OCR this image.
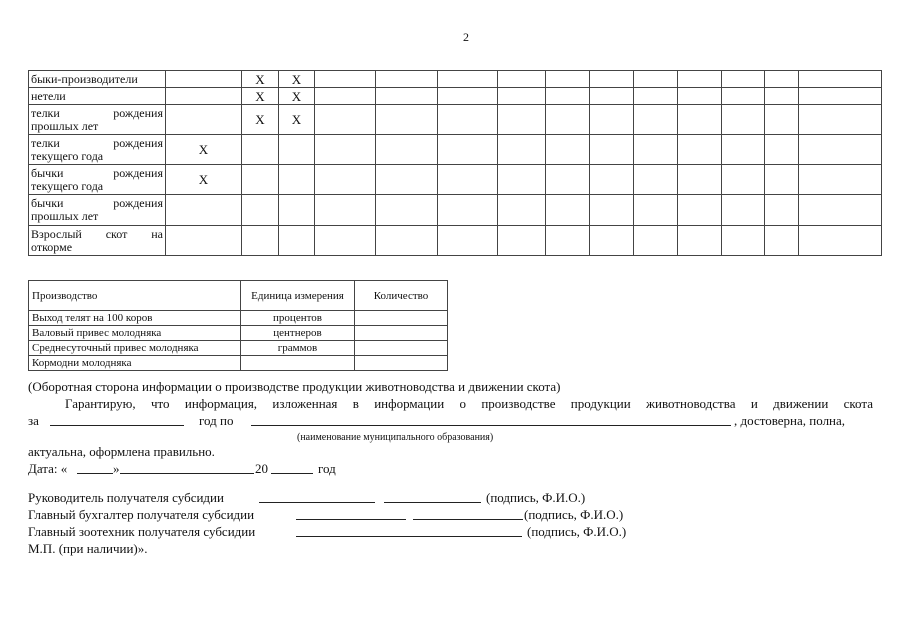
2
быки-производители		X	X											
нетели		X	X											

телки рождения
прошлых лет		X	X											

телки рождения
текущего года	X													

бычки рождения
текущего года	X													

бычки рождения
прошлых лет														

Взрослый скот на
откорме														

Производство	Единица измерения	Количество
Выход телят на 100 коров	процентов	
Валовый привес молодняка	центнеров	
Среднесуточный привес молодняка	граммов	
Кормодни молодняка		
(Оборотная сторона информации о производстве продукции животноводства и движении скота)
Гарантирую, что информация, изложенная в информации о производстве продукции животноводства и движении скота
за	год по	, достоверна, полна,
(наименование муниципального образования)
актуальна, оформлена правильно.
Дата: «	»	20	год
Руководитель получателя субсидии	(подпись, Ф.И.О.)
Главный бухгалтер получателя субсидии	(подпись, Ф.И.О.)
Главный зоотехник получателя субсидии	(подпись, Ф.И.О.)
М.П. (при наличии)».
